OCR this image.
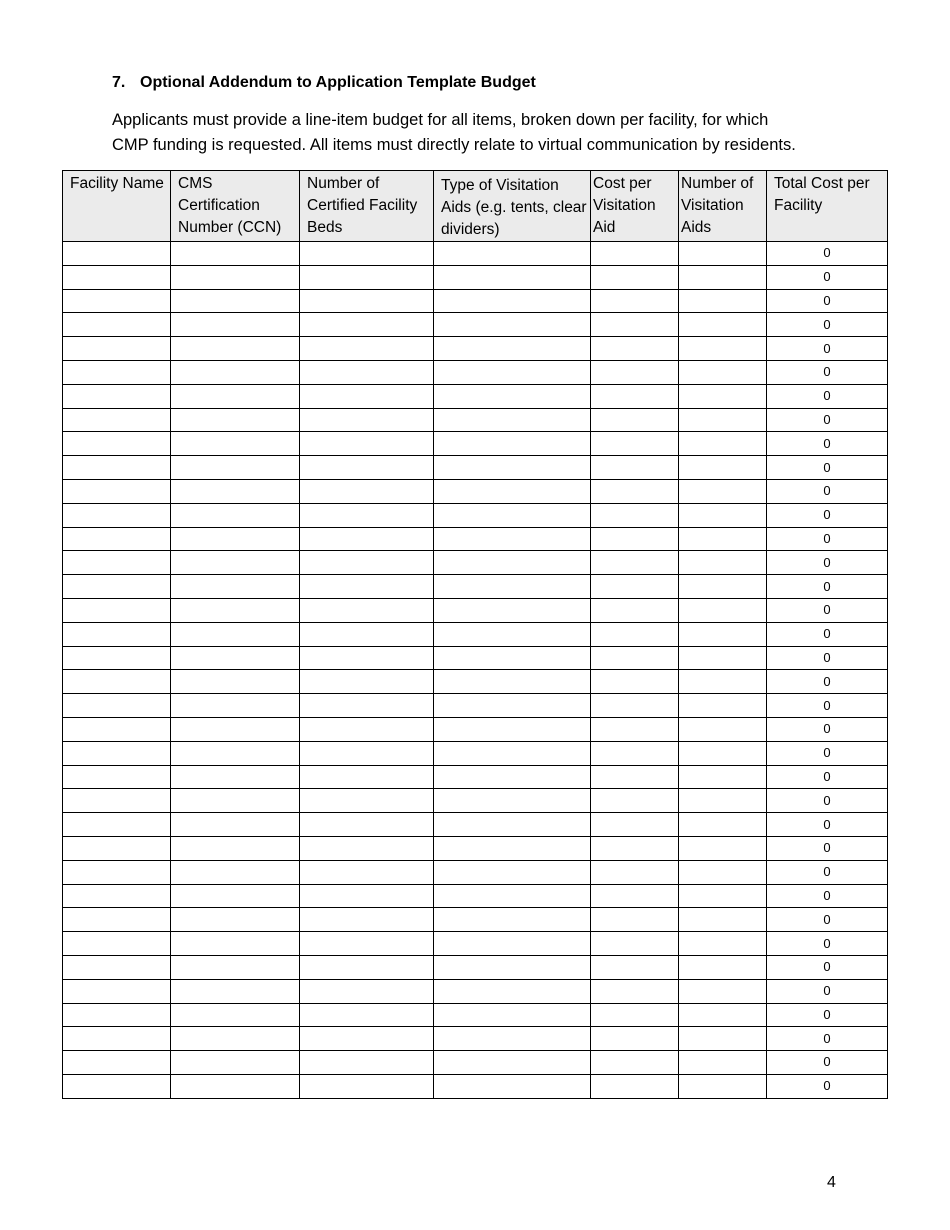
7. Optional Addendum to Application Template Budget

Applicants must provide a line-item budget for all items, broken down per facility, for which
CMP funding is requested. All items must directly relate to virtual communication by residents.

Facility Name	CMS Certification Number (CCN)	Number of Certified Facility Beds	Type of Visitation Aids (e.g. tents, clear dividers)	Cost per Visitation Aid	Number of Visitation Aids	Total Cost per Facility
						0
						0
						0
						0
						0
						0
						0
						0
						0
						0
						0
						0
						0
						0
						0
						0
						0
						0
						0
						0
						0
						0
						0
						0
						0
						0
						0
						0
						0
						0
						0
						0
						0
						0
						0
						0

4
